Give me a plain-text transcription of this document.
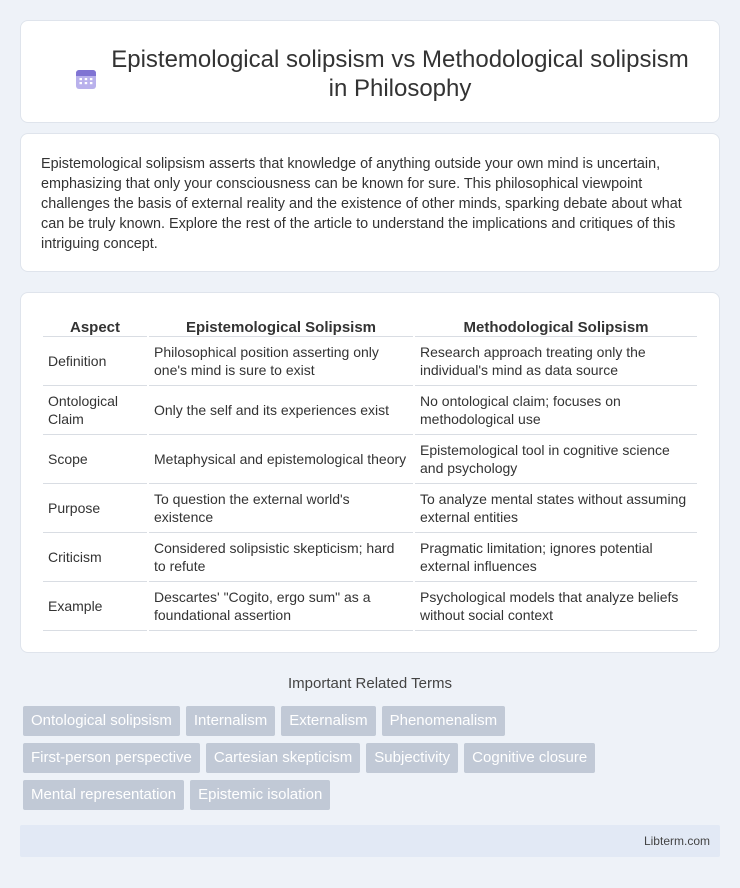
Epistemological solipsism vs Methodological solipsism in Philosophy

Epistemological solipsism asserts that knowledge of anything outside your own mind is uncertain, emphasizing that only your consciousness can be known for sure. This philosophical viewpoint challenges the basis of external reality and the existence of other minds, sparking debate about what can be truly known. Explore the rest of the article to understand the implications and critiques of this intriguing concept.

Aspect	Epistemological Solipsism	Methodological Solipsism
Definition	Philosophical position asserting only one's mind is sure to exist	Research approach treating only the individual's mind as data source
Ontological Claim	Only the self and its experiences exist	No ontological claim; focuses on methodological use
Scope	Metaphysical and epistemological theory	Epistemological tool in cognitive science and psychology
Purpose	To question the external world's existence	To analyze mental states without assuming external entities
Criticism	Considered solipsistic skepticism; hard to refute	Pragmatic limitation; ignores potential external influences
Example	Descartes' "Cogito, ergo sum" as a foundational assertion	Psychological models that analyze beliefs without social context
Important Related Terms
Ontological solipsism	Internalism	Externalism	Phenomenalism
First-person perspective	Cartesian skepticism	Subjectivity	Cognitive closure
Mental representation	Epistemic isolation
Libterm.com
